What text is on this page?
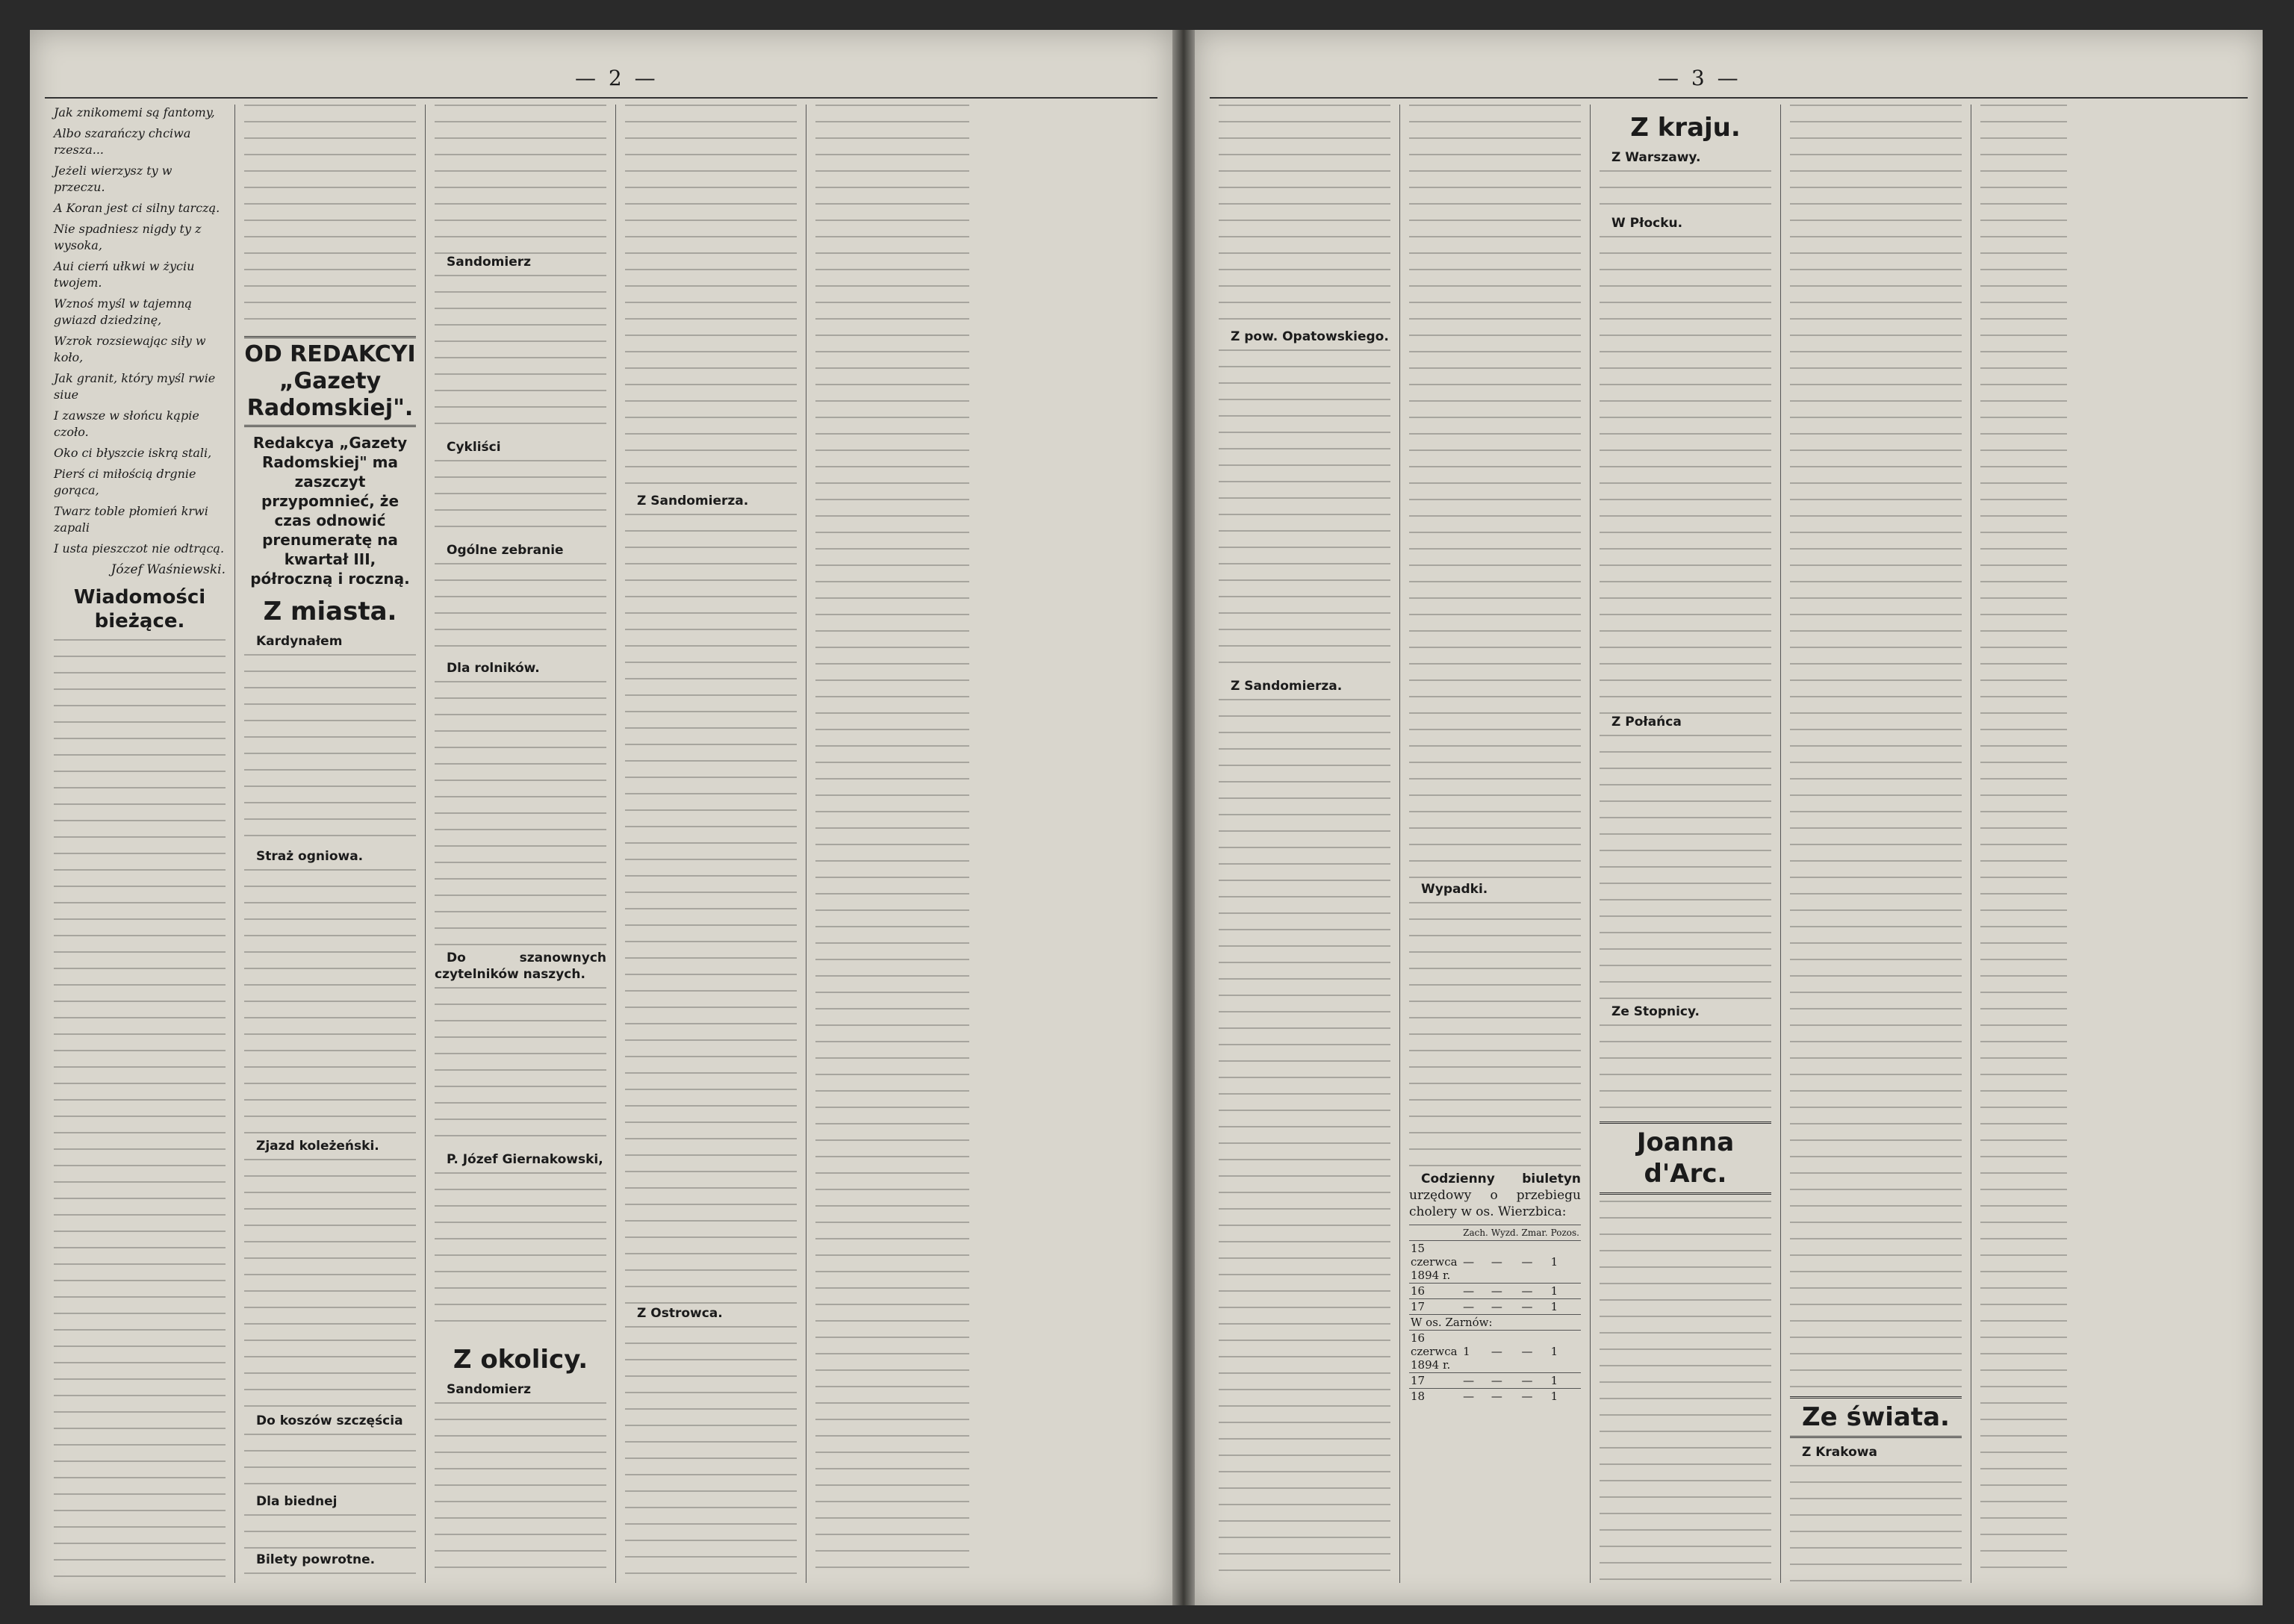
— 2 —

Jak znikomemi są fantomy,

Albo szarańczy chciwa rzesza...

Jeżeli wierzysz ty w przeczu.

A Koran jest ci silny tarczą.

Nie spadniesz nigdy ty z wysoka,

Aui cierń ułkwi w życiu twojem.

Wznoś myśl w tajemną gwiazd dziedzinę,

Wzrok rozsiewając siły w koło,

Jak granit, który myśl rwie siue

I zawsze w słońcu kąpie czoło.

Oko ci błyszcie iskrą stali,

Pierś ci miłością drgnie gorąca,

Twarz toble płomień krwi zapali

I usta pieszczot nie odtrącą.

Józef Waśniewski.

Wiadomości bieżące.
OD REDAKCYI „Gazety Radomskiej".

Redakcya „Gazety Radomskiej" ma zaszczyt przypomnieć, że czas odnowić prenumeratę na kwartał III, półroczną i roczną.

Z miasta.

Kardynałem

Straż ogniowa.

Zjazd koleżeński.

Do koszów szczęścia

Dla biednej

Bilety powrotne.

Sandomierz

Cykliści

Ogólne zebranie

Dla rolników.

Do szanownych czytelników naszych.

P. Józef Giernakowski,

Z okolicy.

Sandomierz

Z Sandomierza.

Z Ostrowca.

— 3 —

Z pow. Opatowskiego.

Z Sandomierza.

Wypadki.

Codzienny biuletyn urzędowy o przebiegu cholery w os. Wierzbica:

	Zach.	Wyzd.	Zmar.	Pozos.
15 czerwca 1894 r.	—	—	—	1
16	—	—	—	1
17	—	—	—	1
W os. Zarnów:				
16 czerwca 1894 r.	1	—	—	1
17	—	—	—	1
18	—	—	—	1
Z kraju.

Z Warszawy.

W Płocku.

Z Połańca

Ze Stopnicy.

Joanna d'Arc.
Ze świata.

Z Krakowa
